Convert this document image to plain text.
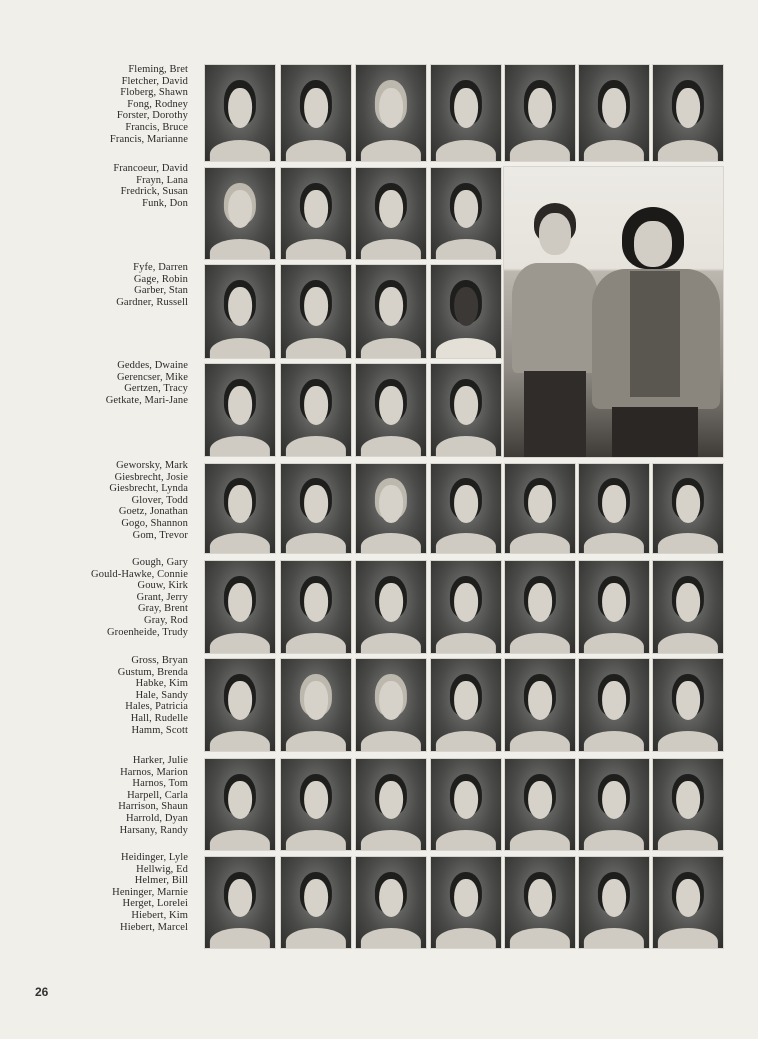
Fleming, Bret
Fletcher, David
Floberg, Shawn
Fong, Rodney
Forster, Dorothy
Francis, Bruce
Francis, Marianne
Francoeur, David
Frayn, Lana
Fredrick, Susan
Funk, Don
Fyfe, Darren
Gage, Robin
Garber, Stan
Gardner, Russell
Geddes, Dwaine
Gerencser, Mike
Gertzen, Tracy
Getkate, Mari-Jane
Geworsky, Mark
Giesbrecht, Josie
Giesbrecht, Lynda
Glover, Todd
Goetz, Jonathan
Gogo, Shannon
Gom, Trevor
Gough, Gary
Gould-Hawke, Connie
Gouw, Kirk
Grant, Jerry
Gray, Brent
Gray, Rod
Groenheide, Trudy
Gross, Bryan
Gustum, Brenda
Habke, Kim
Hale, Sandy
Hales, Patricia
Hall, Rudelle
Hamm, Scott
Harker, Julie
Harnos, Marion
Harnos, Tom
Harpell, Carla
Harrison, Shaun
Harrold, Dyan
Harsany, Randy
Heidinger, Lyle
Hellwig, Ed
Helmer, Bill
Heninger, Marnie
Herget, Lorelei
Hiebert, Kim
Hiebert, Marcel
26
